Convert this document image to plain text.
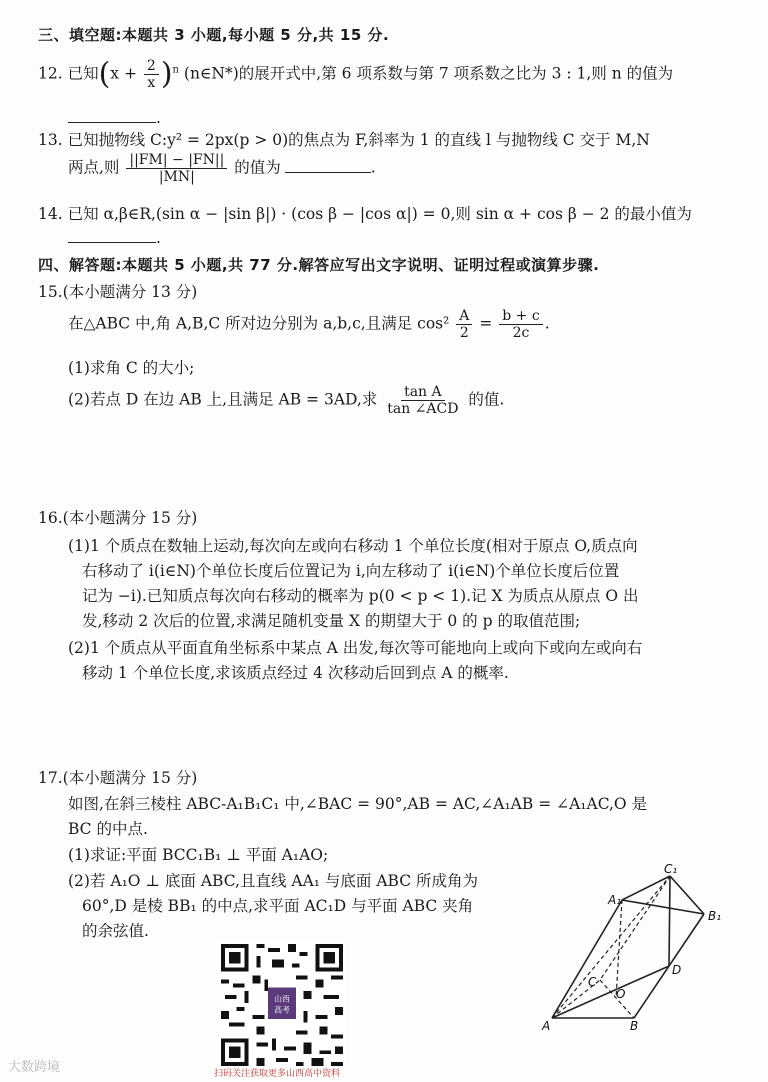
三、填空题:本题共 3 小题,每小题 5 分,共 15 分.
12. 已知$(x + \frac{2}{x} )^n$ (n∈N*)的展开式中,第 6 项系数与第 7 项系数之比为 3 : 1,则 n 的值为
.
13. 已知抛物线 C:y² = 2px(p > 0)的焦点为 F,斜率为 1 的直线 l 与抛物线 C 交于 M,N
两点,则 $\frac{||FM| - |FN||}{|MN|}$ 的值为	.
14. 已知 α,β∈R,(sin α − |sin β|) · (cos β − |cos α|) = 0,则 sin α + cos β − 2 的最小值为
.
四、解答题:本题共 5 小题,共 77 分.解答应写出文字说明、证明过程或演算步骤.
15.(本小题满分 13 分)
在△ABC 中,角 A,B,C 所对边分别为 a,b,c,且满足 $\cos^2 \frac{A}{2} = \frac{b + c}{2c}$ .
(1)求角 C 的大小;
(2)若点 D 在边 AB 上,且满足 AB = 3AD,求 $\frac{\text{tan A}}{\text{tan ∠ACD}}$ 的值.
16.(本小题满分 15 分)
(1)1 个质点在数轴上运动,每次向左或向右移动 1 个单位长度(相对于原点 O,质点向
右移动了 i(i∈N)个单位长度后位置记为 i,向左移动了 i(i∈N)个单位长度后位置
记为 −i).已知质点每次向右移动的概率为 p(0 < p < 1).记 X 为质点从原点 O 出
发,移动 2 次后的位置,求满足随机变量 X 的期望大于 0 的 p 的取值范围;
(2)1 个质点从平面直角坐标系中某点 A 出发,每次等可能地向上或向下或向左或向右
移动 1 个单位长度,求该质点经过 4 次移动后回到点 A 的概率.
17.(本小题满分 15 分)
如图,在斜三棱柱 ABC-A₁B₁C₁ 中,∠BAC = 90°,AB = AC,∠A₁AB = ∠A₁AC,O 是
BC 的中点.
(1)求证:平面 BCC₁B₁ ⊥ 平面 A₁AO;
(2)若 A₁O ⊥ 底面 ABC,且直线 AA₁ 与底面 ABC 所成角为
60°,D 是棱 BB₁ 的中点,求平面 AC₁D 与平面 ABC 夹角
的余弦值.
C₁
A₁
B₁
D
C
O
A	B
山西
高考
扫码关注获取更多山西高中资料
大数跨境
